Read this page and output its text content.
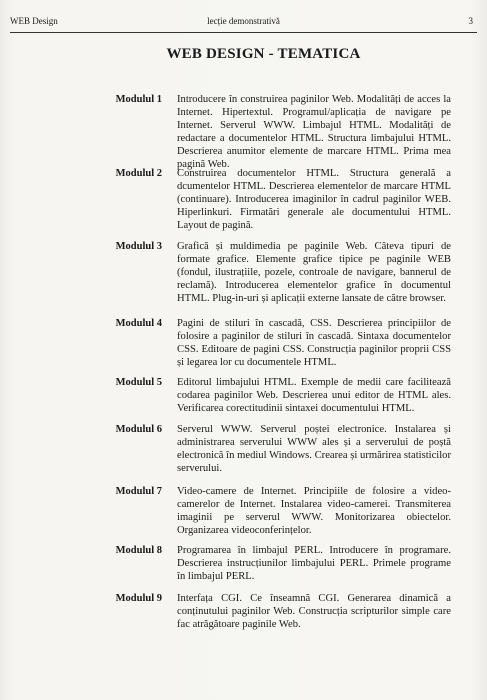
WEB Design	lecție demonstrativă	3
WEB DESIGN - TEMATICA
Modulul 1 Introducere în construirea paginilor Web. Modalități de acces la Internet. Hipertextul. Programul/aplicația de navigare pe Internet. Serverul WWW. Limbajul HTML. Modalități de redactare a documentelor HTML. Structura limbajului HTML. Descrierea anumitor elemente de marcare HTML. Prima mea pagină Web.
Modulul 2 Construirea documentelor HTML. Structura generală a dcumentelor HTML. Descrierea elementelor de marcare HTML (continuare). Introducerea imaginilor în cadrul paginilor WEB. Hiperlinkuri. Firmatări generale ale documentului HTML. Layout de pagină.
Modulul 3 Grafică și muldimedia pe paginile Web. Câteva tipuri de formate grafice. Elemente grafice tipice pe paginile WEB (fondul, ilustrațiile, pozele, controale de navigare, bannerul de reclamă). Introducerea elementelor grafice în documentul HTML. Plug-in-uri și aplicații externe lansate de către browser.
Modulul 4 Pagini de stiluri în cascadă, CSS. Descrierea principiilor de folosire a paginilor de stiluri în cascadă. Sintaxa documentelor CSS. Editoare de pagini CSS. Construcția paginilor proprii CSS și legarea lor cu documentele HTML.
Modulul 5 Editorul limbajului HTML. Exemple de medii care facilitează codarea paginilor Web. Descrierea unui editor de HTML ales. Verificarea corectitudinii sintaxei documentului HTML.
Modulul 6 Serverul WWW. Serverul poștei electronice. Instalarea și administrarea serverului WWW ales și a serverului de poștă electronică în mediul Windows. Crearea și urmărirea statisticilor serverului.
Modulul 7 Video-camere de Internet. Principiile de folosire a video-camerelor de Internet. Instalarea video-camerei. Transmiterea imaginii pe serverul WWW. Monitorizarea obiectelor. Organizarea videoconferințelor.
Modulul 8 Programarea în limbajul PERL. Introducere în programare. Descrierea instrucțiunilor limbajului PERL. Primele programe în limbajul PERL.
Modulul 9 Interfața CGI. Ce înseamnă CGI. Generarea dinamică a conținutului paginilor Web. Construcția scripturilor simple care fac atrăgătoare paginile Web.
